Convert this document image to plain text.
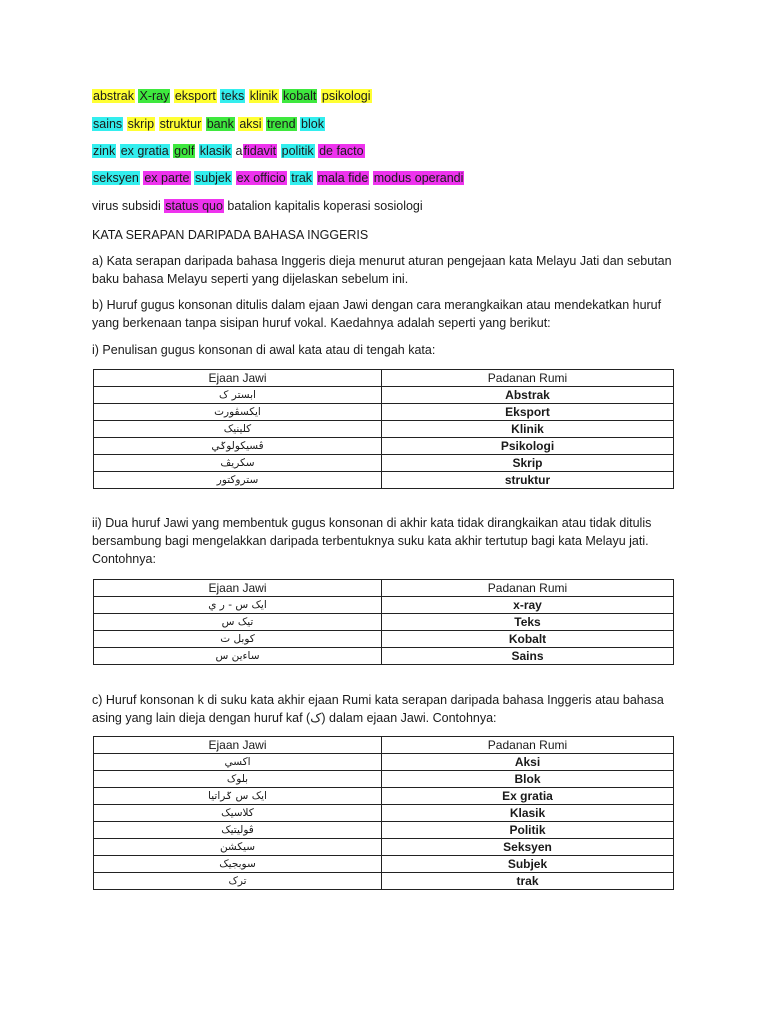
abstrak X-ray eksport teks klinik kobalt psikologi
sains skrip struktur bank aksi trend blok
zink ex gratia golf klasik afidavit politik de facto
seksyen ex parte subjek ex officio trak mala fide modus operandi
virus subsidi status quo batalion kapitalis koperasi sosiologi
KATA SERAPAN DARIPADA BAHASA INGGERIS
a) Kata serapan daripada bahasa Inggeris dieja menurut aturan pengejaan kata Melayu Jati dan sebutan baku bahasa Melayu seperti yang dijelaskan sebelum ini.
b) Huruf gugus konsonan ditulis dalam ejaan Jawi dengan cara merangkaikan atau mendekatkan huruf yang berkenaan tanpa sisipan huruf vokal. Kaedahnya adalah seperti yang berikut:
i) Penulisan gugus konsonan di awal kata atau di tengah kata:
Ejaan Jawi	Padanan Rumi
ابستر ک	Abstrak
ايكسڤورت	Eksport
كلينيک	Klinik
ڤسيكولوݢي	Psikologi
سكريڤ	Skrip
ستروكتور	struktur
ii) Dua huruf Jawi yang membentuk gugus konsonan di akhir kata tidak dirangkaikan atau tidak ditulis bersambung bagi mengelakkan daripada terbentuknya suku kata akhir tertutup bagi kata Melayu jati. Contohnya:
Ejaan Jawi	Padanan Rumi
ايک س - ر ي	x-ray
تيک س	Teks
كوبل ت	Kobalt
ساءين س	Sains
c) Huruf konsonan k di suku kata akhir ejaan Rumi kata serapan daripada bahasa Inggeris atau bahasa asing yang lain dieja dengan huruf kaf (ک) dalam ejaan Jawi. Contohnya:
Ejaan Jawi	Padanan Rumi
اكسي	Aksi
بلوک	Blok
ايک س ݢراتيا	Ex gratia
كلاسيک	Klasik
ڤوليتيک	Politik
سيكشن	Seksyen
سوبجيک	Subjek
ترک	trak
